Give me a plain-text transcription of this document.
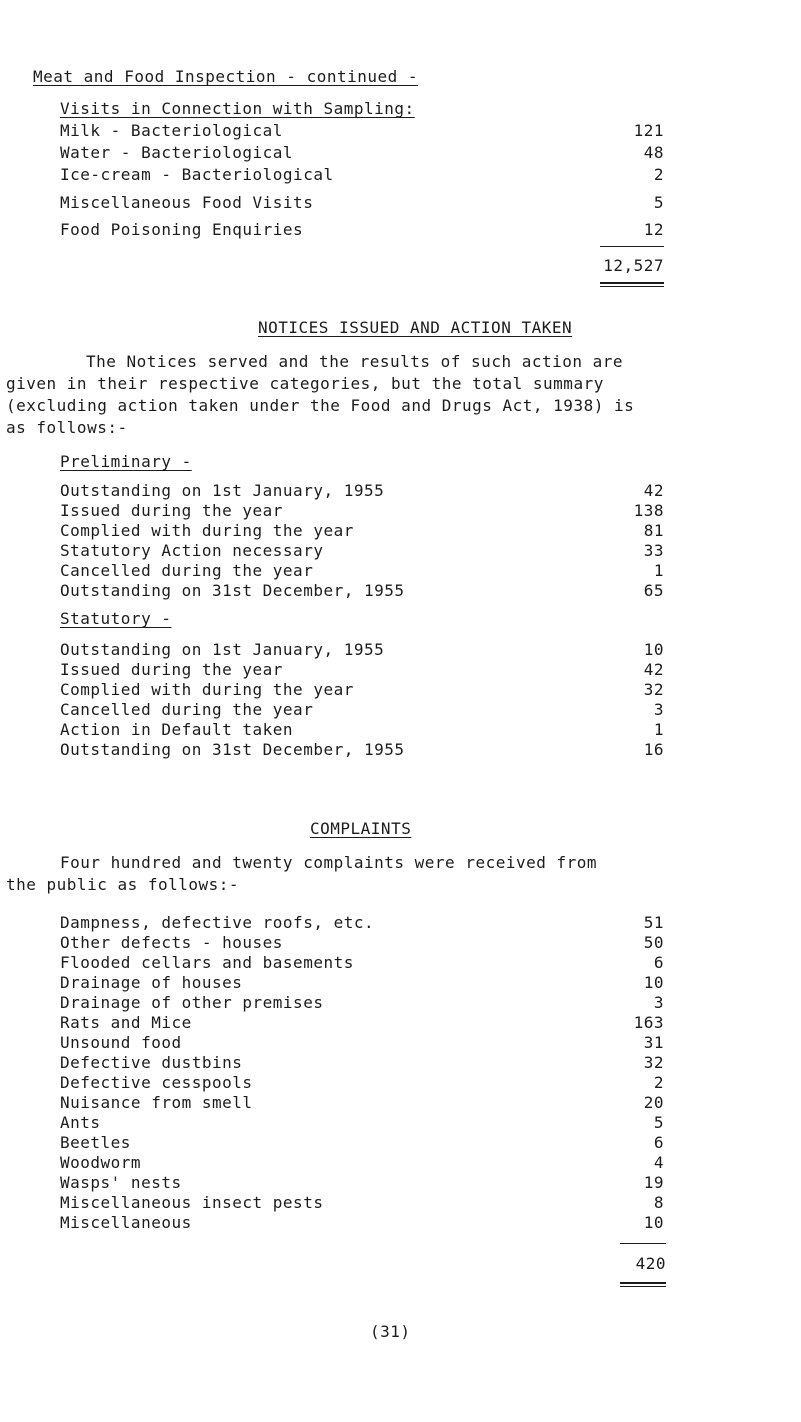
Meat and Food Inspection - continued -
Visits in Connection with Sampling:
Milk - Bacteriological	121
Water - Bacteriological	48
Ice-cream - Bacteriological	2
Miscellaneous Food Visits	5
Food Poisoning Enquiries	12
12,527
NOTICES ISSUED AND ACTION TAKEN
The Notices served and the results of such action are
given in their respective categories, but the total summary
(excluding action taken under the Food and Drugs Act, 1938) is
as follows:-
Preliminary -
Outstanding on 1st January, 1955	42
Issued during the year	138
Complied with during the year	81
Statutory Action necessary	33
Cancelled during the year	1
Outstanding on 31st December, 1955	65
Statutory -
Outstanding on 1st January, 1955	10
Issued during the year	42
Complied with during the year	32
Cancelled during the year	3
Action in Default taken	1
Outstanding on 31st December, 1955	16
COMPLAINTS
Four hundred and twenty complaints were received from
the public as follows:-
Dampness, defective roofs, etc.	51
Other defects - houses	50
Flooded cellars and basements	6
Drainage of houses	10
Drainage of other premises	3
Rats and Mice	163
Unsound food	31
Defective dustbins	32
Defective cesspools	2
Nuisance from smell	20
Ants	5
Beetles	6
Woodworm	4
Wasps' nests	19
Miscellaneous insect pests	8
Miscellaneous	10
420
(31)
